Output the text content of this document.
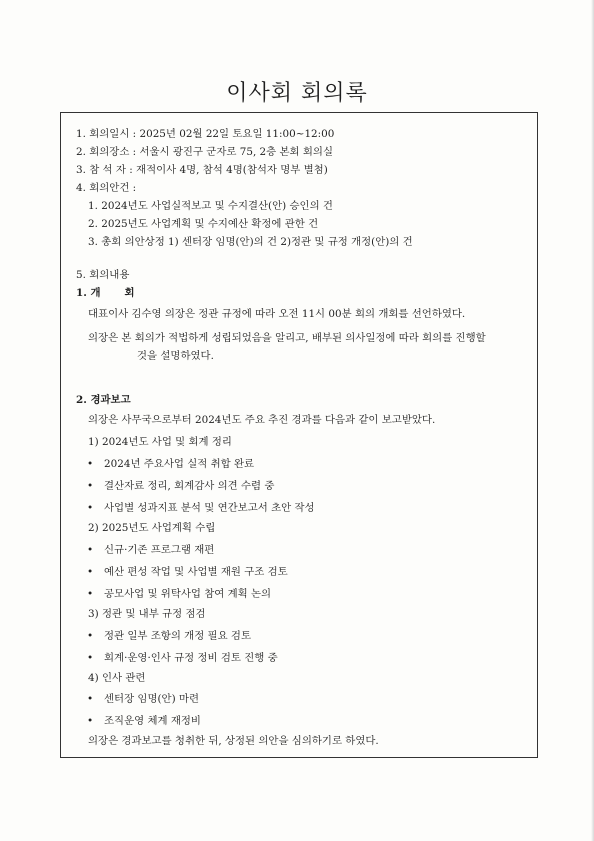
이사회 회의록
1. 회의일시 : 2025년 02월 22일 토요일 11:00~12:00
2. 회의장소 : 서울시 광진구 군자로 75, 2층 본회 회의실
3. 참 석 자 : 재적이사 4명, 참석 4명(참석자 명부 별첨)
4. 회의안건 :
1. 2024년도 사업실적보고 및 수지결산(안) 승인의 건
2. 2025년도 사업계획 및 수지예산 확정에 관한 건
3. 총회 의안상정 1) 센터장 임명(안)의 건 2)정관 및 규정 개정(안)의 건
5. 회의내용
1. 개 회
대표이사 김수영 의장은 정관 규정에 따라 오전 11시 00분 회의 개회를 선언하였다.
의장은 본 회의가 적법하게 성립되었음을 알리고, 배부된 의사일정에 따라 회의를 진행할
것을 설명하였다.
2. 경과보고
의장은 사무국으로부터 2024년도 주요 추진 경과를 다음과 같이 보고받았다.
1) 2024년도 사업 및 회계 정리
• 2024년 주요사업 실적 취합 완료
• 결산자료 정리, 회계감사 의견 수렴 중
• 사업별 성과지표 분석 및 연간보고서 초안 작성
2) 2025년도 사업계획 수립
• 신규·기존 프로그램 재편
• 예산 편성 작업 및 사업별 재원 구조 검토
• 공모사업 및 위탁사업 참여 계획 논의
3) 정관 및 내부 규정 점검
• 정관 일부 조항의 개정 필요 검토
• 회계·운영·인사 규정 정비 검토 진행 중
4) 인사 관련
• 센터장 임명(안) 마련
• 조직운영 체계 재정비
의장은 경과보고를 청취한 뒤, 상정된 의안을 심의하기로 하였다.
